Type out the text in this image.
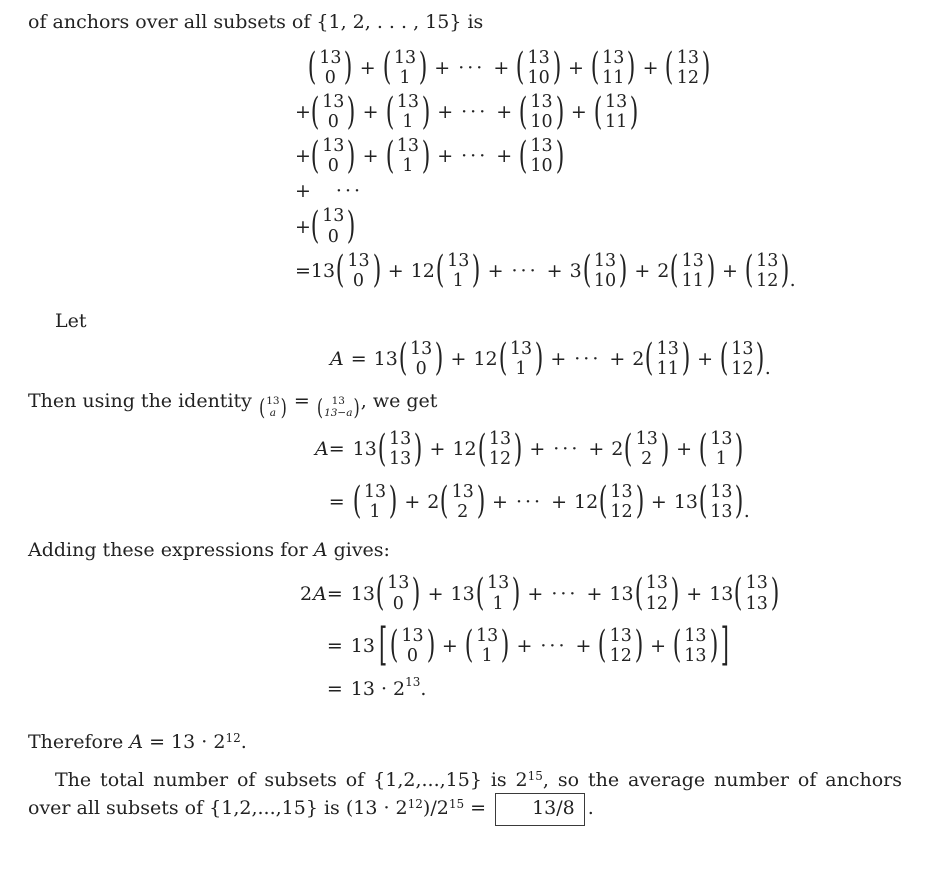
of anchors over all subsets of {1, 2, . . . , 15} is
( 13
0 ) + ( 13
1 ) + ··· + ( 13
10 ) + ( 13
11 ) + ( 13
12 )
+ ( 13
0 ) + ( 13
1 ) + ··· + ( 13
10 ) + ( 13
11 )
+ ( 13
0 ) + ( 13
1 ) + ··· + ( 13
10 )
+ ···
+ ( 13
0 )
= 13 ( 13
0 ) + 12 ( 13
1 ) + ··· + 3 ( 13
10 ) + 2 ( 13
11 ) + ( 13
12 ) .
Let
A = 13 ( 13
0 ) + 12 ( 13
1 ) + ··· + 2 ( 13
11 ) + ( 13
12 ) .
Then using the identity ( 13
a ) = ( 13
13−a ) , we get
A = 13 ( 13
13 ) + 12 ( 13
12 ) + ··· + 2 ( 13
2 ) + ( 13
1 )
= ( 13
1 ) + 2 ( 13
2 ) + ··· + 12 ( 13
12 ) + 13 ( 13
13 ) .
Adding these expressions for A gives:
2 A = 13 ( 13
0 ) + 13 ( 13
1 ) + ··· + 13 ( 13
12 ) + 13 ( 13
13 )
= 13 [ ( 13
0 ) + ( 13
1 ) + ··· + ( 13
12 ) + ( 13
13 ) ]
= 13 · 2 13 .
Therefore $A = 13 \cdot 2^{12}$.
The total number of subsets of {1,2,...,15} is $2^{15}$, so the average number of anchors over all subsets of {1,2,...,15} is $(13 \cdot 2^{12})/2^{15} = 13/8$ .
